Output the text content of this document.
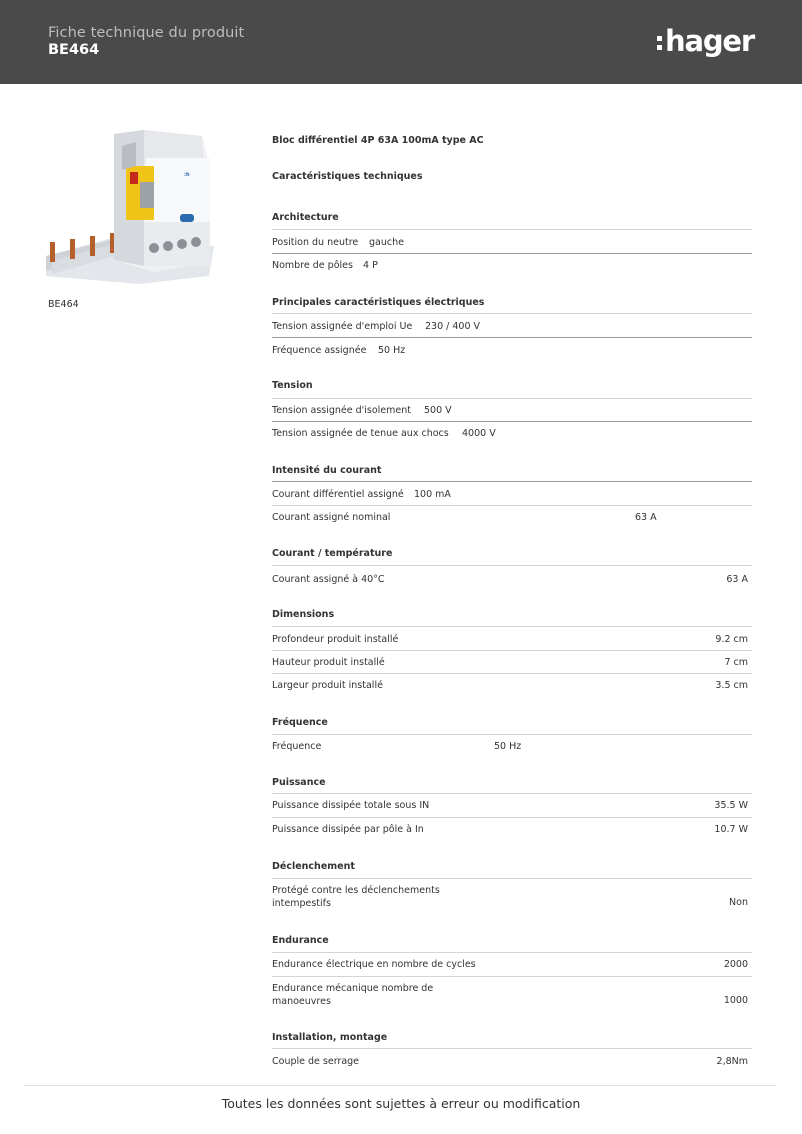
Fiche technique du produit
BE464	hager
:h
BE464
Bloc différentiel 4P 63A 100mA type AC
Caractéristiques techniques
Architecture
Position du neutre gauche
Nombre de pôles 4 P
Principales caractéristiques électriques
Tension assignée d'emploi Ue 230 / 400 V
Fréquence assignée 50 Hz
Tension
Tension assignée d'isolement 500 V
Tension assignée de tenue aux chocs 4000 V
Intensité du courant
Courant différentiel assigné 100 mA
Courant assigné nominal	63 A
Courant / température
Courant assigné à 40°C	63 A
Dimensions
Profondeur produit installé	9.2 cm
Hauteur produit installé	7 cm
Largeur produit installé	3.5 cm
Fréquence
Fréquence	50 Hz
Puissance
Puissance dissipée totale sous IN	35.5 W
Puissance dissipée par pôle à In	10.7 W
Déclenchement
Protégé contre les déclenchements intempestifs	Non
Endurance
Endurance électrique en nombre de cycles	2000
Endurance mécanique nombre de manoeuvres	1000
Installation, montage
Couple de serrage	2,8Nm
Toutes les données sont sujettes à erreur ou modification
